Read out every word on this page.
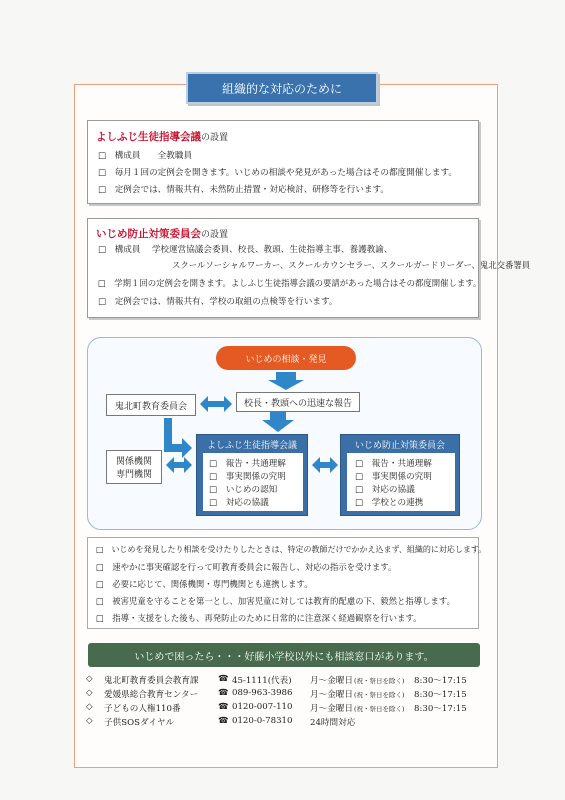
組織的な対応のために
よしふじ生徒指導会議の設置
□　構成員　　全教職員
□　毎月１回の定例会を開きます。いじめの相談や発見があった場合はその都度開催します。
□　定例会では、情報共有、未然防止措置・対応検討、研修等を行います。
いじめ防止対策委員会の設置
□　構成員　 学校運営協議会委員、校長、教頭、生徒指導主事、養護教諭、
スクールソーシャルワーカー、スクールカウンセラー、スクールガードリーダー、鬼北交番署員
□　学期１回の定例会を開きます。よしふじ生徒指導会議の要請があった場合はその都度開催します。
□　定例会では、情報共有、学校の取組の点検等を行います。
いじめの相談・発見
校長・教頭への迅速な報告
鬼北町教育委員会
関係機関
専門機関
よしふじ生徒指導会議
□　報告・共通理解
□　事実関係の究明
□　いじめの認知
□　対応の協議
いじめ防止対策委員会
□　報告・共通理解
□　事実関係の究明
□　対応の協議
□　学校との連携
□　いじめを発見したり相談を受けたりしたときは、特定の教師だけでかかえ込まず、組織的に対応します。
□　速やかに事実確認を行って町教育委員会に報告し、対応の指示を受けます。
□　必要に応じて、関係機関・専門機関とも連携します。
□　被害児童を守ることを第一とし、加害児童に対しては教育的配慮の下、毅然と指導します。
□　指導・支援をした後も、再発防止のために日常的に注意深く経過観察を行います。
いじめで困ったら・・・好藤小学校以外にも相談窓口があります。
◇ 鬼北町教育委員会教育課 ☎ 45-1111(代表) 月～金曜日 (祝・祭日を除く) 8:30～17:15
◇ 愛媛県総合教育センター ☎ 089-963-3986 月～金曜日 (祝・祭日を除く) 8:30～17:15
◇ 子どもの人権110番	☎ 0120-007-110 月～金曜日 (祝・祭日を除く) 8:30～17:15
◇ 子供SOSダイヤル	☎ 0120-0-78310 24時間対応
